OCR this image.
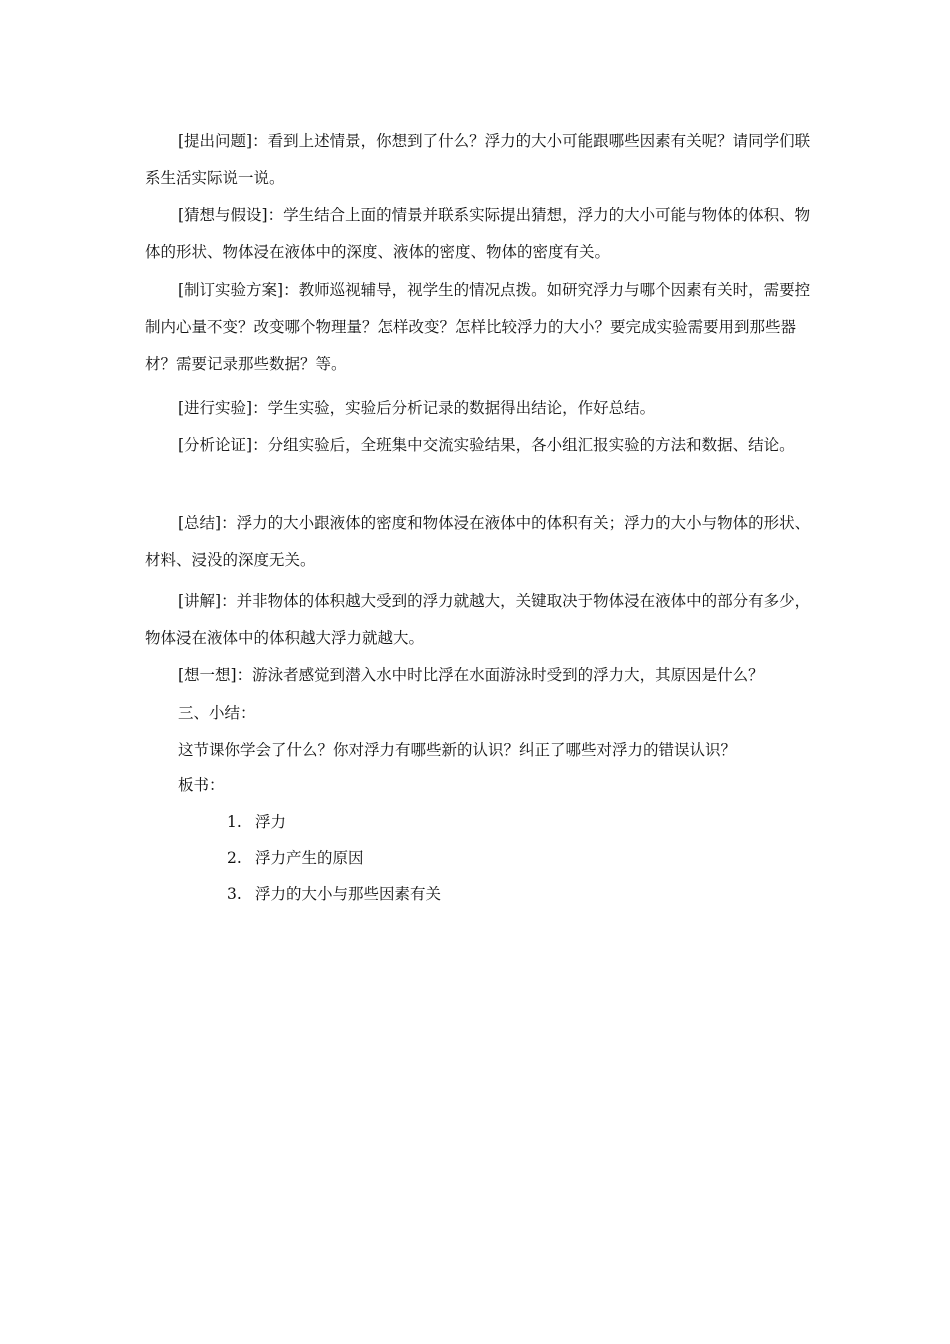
[提出问题]：看到上述情景，你想到了什么？浮力的大小可能跟哪些因素有关呢？请同学们联系生活实际说一说。

[猜想与假设]：学生结合上面的情景并联系实际提出猜想，浮力的大小可能与物体的体积、物体的形状、物体浸在液体中的深度、液体的密度、物体的密度有关。

[制订实验方案]：教师巡视辅导，视学生的情况点拨。如研究浮力与哪个因素有关时，需要控制内心量不变？改变哪个物理量？怎样改变？怎样比较浮力的大小？要完成实验需要用到那些器材？需要记录那些数据？等。

[进行实验]：学生实验，实验后分析记录的数据得出结论，作好总结。

[分析论证]：分组实验后，全班集中交流实验结果，各小组汇报实验的方法和数据、结论。

[总结]：浮力的大小跟液体的密度和物体浸在液体中的体积有关；浮力的大小与物体的形状、材料、浸没的深度无关。

[讲解]：并非物体的体积越大受到的浮力就越大，关键取决于物体浸在液体中的部分有多少，物体浸在液体中的体积越大浮力就越大。

[想一想]：游泳者感觉到潜入水中时比浮在水面游泳时受到的浮力大，其原因是什么？

三、小结：

这节课你学会了什么？你对浮力有哪些新的认识？纠正了哪些对浮力的错误认识？

板书：

1. 浮力
2. 浮力产生的原因
3. 浮力的大小与那些因素有关
